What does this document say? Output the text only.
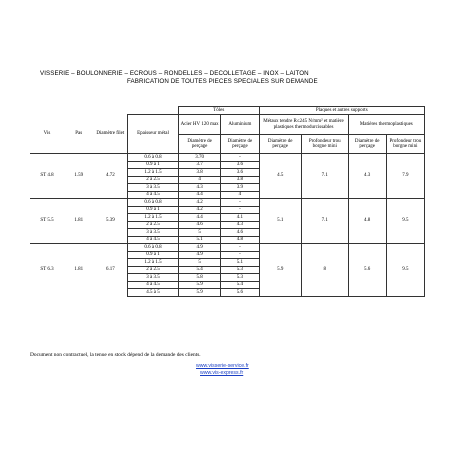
VISSERIE – BOULONNERIE – ECROUS – RONDELLES – DECOLLETAGE – INOX – LAITON
FABRICATION DE TOUTES PIECES SPECIALES SUR DEMANDE
				Tôles		Plaques et autres supports			
Vis	Pas	Diamètre filet	Epaisseur métal	Acier HV 120 max	Aluminium	Métaux tendre R≤245 N/mm² et matière plastiques thermodurcissables		Matières thermoplastiques	
				Diamètre de perçage	Diamètre de perçage	Diamètre de perçage	Profondeur trou borgne mini	Diamètre de perçage	Profondeur trou borgne mini
ST 4.8	1.59	4.72	0.6 à 0.8	3.70	-	4.5	7.1	4.3	7.9
			0.9 à 1	3.7	3.6				
			1.2 à 1.5	3.8	3.6				
			2 à 2.5	4	3.8				
			3 à 3.5	4.3	3.9				
			4 à 4.5	4.4	4				
ST 5.5	1.81	5.39	0.6 à 0.8	4.2	-	5.1	7.1	4.8	9.5
			0.9 à 1	4.2	-				
			1.2 à 1.5	4.4	4.1				
			2 à 2.5	4.6	4.3				
			3 à 3.5	5	4.6				
			4 à 4.5	5.1	4.8				
ST 6.3	1.81	6.17	0.6 à 0.8	4.9	-	5.9	8	5.6	9.5
			0.9 à 1	4.9	-				
			1.2 à 1.5	5	5.1				
			2 à 2.5	5.4	5.3				
			3 à 3.5	5.8	5.3				
			4 à 4.5	5.9	5.4				
			4.5 à 5	5.9	5.6				
Document non contractuel, la tenue en stock dépend de la demande des clients.
www.visserie-service.fr
www.vis-express.fr
